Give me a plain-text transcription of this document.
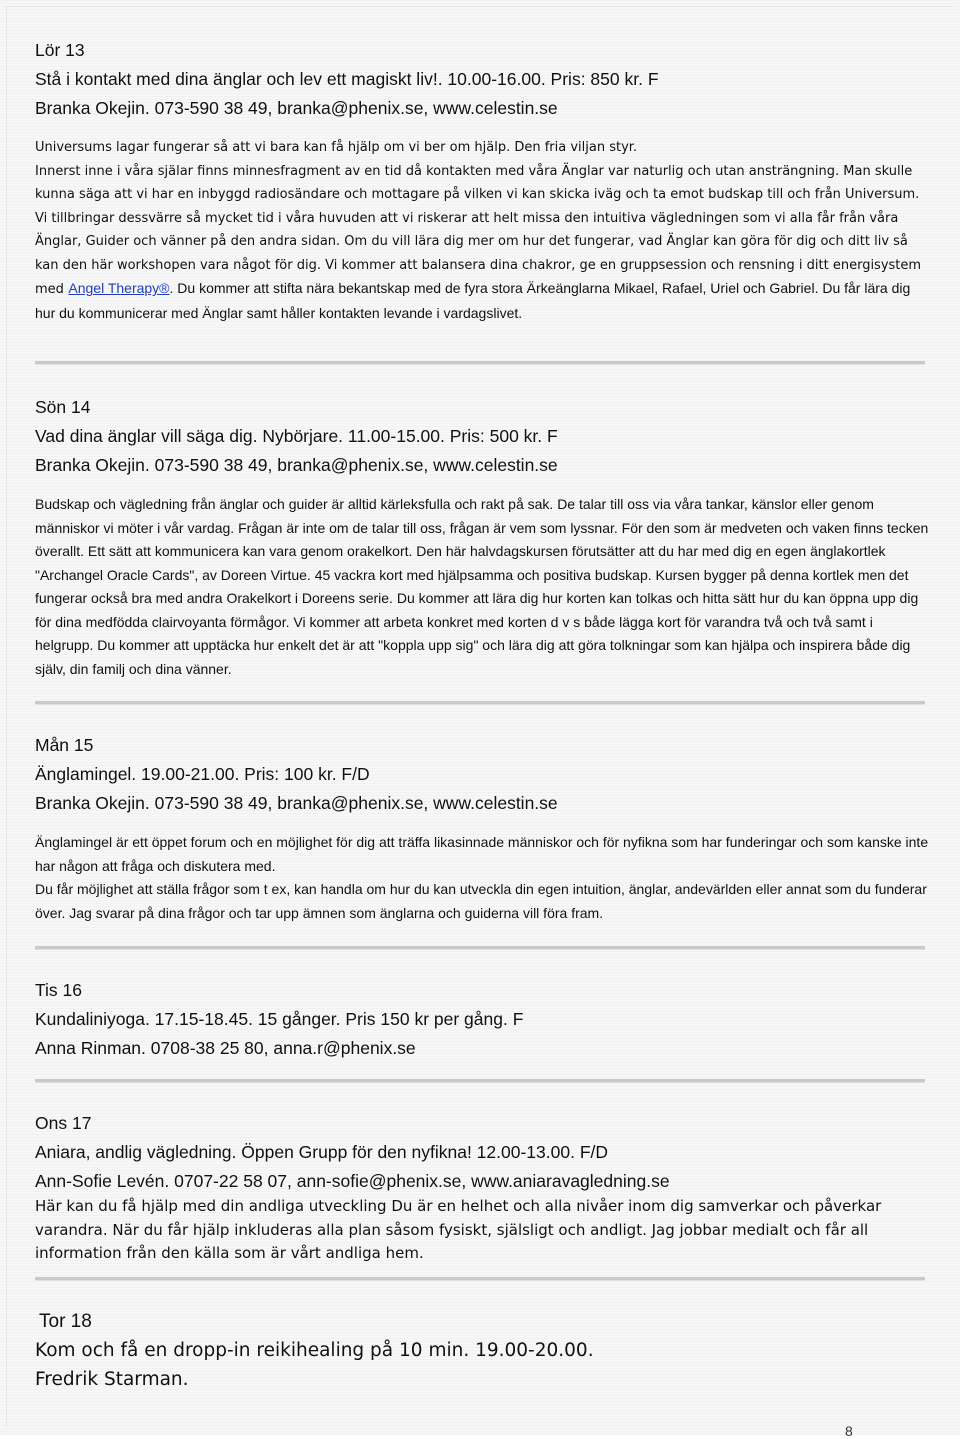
Lör 13
Stå i kontakt med dina änglar och lev ett magiskt liv!. 10.00-16.00. Pris: 850 kr. F
Branka Okejin. 073-590 38 49, branka@phenix.se, www.celestin.se

Universums lagar fungerar så att vi bara kan få hjälp om vi ber om hjälp. Den fria viljan styr.

Innerst inne i våra själar finns minnesfragment av en tid då kontakten med våra Änglar var naturlig och utan ansträngning. Man skulle kunna säga att vi har en inbyggd radiosändare och mottagare på vilken vi kan skicka iväg och ta emot budskap till och från Universum. Vi tillbringar dessvärre så mycket tid i våra huvuden att vi riskerar att helt missa den intuitiva vägledningen som vi alla får från våra Änglar, Guider och vänner på den andra sidan. Om du vill lära dig mer om hur det fungerar, vad Änglar kan göra för dig och ditt liv så kan den här workshopen vara något för dig. Vi kommer att balansera dina chakror, ge en gruppsession och rensning i ditt energisystem med

Angel Therapy®. Du kommer att stifta nära bekantskap med de fyra stora Ärkeänglarna Mikael, Rafael, Uriel och Gabriel. Du får lära dig hur du kommunicerar med Änglar samt håller kontakten levande i vardagslivet.

Sön 14
Vad dina änglar vill säga dig. Nybörjare. 11.00-15.00. Pris: 500 kr. F
Branka Okejin. 073-590 38 49, branka@phenix.se, www.celestin.se

Budskap och vägledning från änglar och guider är alltid kärleksfulla och rakt på sak. De talar till oss via våra tankar, känslor eller genom människor vi möter i vår vardag. Frågan är inte om de talar till oss, frågan är vem som lyssnar. För den som är medveten och vaken finns tecken överallt. Ett sätt att kommunicera kan vara genom orakelkort. Den här halvdagskursen förutsätter att du har med dig en egen änglakortlek "Archangel Oracle Cards", av Doreen Virtue. 45 vackra kort med hjälpsamma och positiva budskap. Kursen bygger på denna kortlek men det fungerar också bra med andra Orakelkort i Doreens serie. Du kommer att lära dig hur korten kan tolkas och hitta sätt hur du kan öppna upp dig för dina medfödda clairvoyanta förmågor. Vi kommer att arbeta konkret med korten d v s både lägga kort för varandra två och två samt i helgrupp. Du kommer att upptäcka hur enkelt det är att "koppla upp sig" och lära dig att göra tolkningar som kan hjälpa och inspirera både dig själv, din familj och dina vänner.

Mån 15
Änglamingel. 19.00-21.00. Pris: 100 kr. F/D
Branka Okejin. 073-590 38 49, branka@phenix.se, www.celestin.se

Änglamingel är ett öppet forum och en möjlighet för dig att träffa likasinnade människor och för nyfikna som har funderingar och som kanske inte har någon att fråga och diskutera med.

Du får möjlighet att ställa frågor som t ex, kan handla om hur du kan utveckla din egen intuition, änglar, andevärlden eller annat som du funderar över. Jag svarar på dina frågor och tar upp ämnen som änglarna och guiderna vill föra fram.

Tis 16
Kundaliniyoga. 17.15-18.45. 15 gånger. Pris 150 kr per gång. F
Anna Rinman. 0708-38 25 80, anna.r@phenix.se
Ons 17
Aniara, andlig vägledning. Öppen Grupp för den nyfikna! 12.00-13.00. F/D
Ann-Sofie Levén. 0707-22 58 07, ann-sofie@phenix.se, www.aniaravagledning.se

Här kan du få hjälp med din andliga utveckling Du är en helhet och alla nivåer inom dig samverkar och påverkar varandra. När du får hjälp inkluderas alla plan såsom fysiskt, själsligt och andligt. Jag jobbar medialt och får all information från den källa som är vårt andliga hem.

Tor 18
Kom och få en dropp-in reikihealing på 10 min. 19.00-20.00.
Fredrik Starman.
8
